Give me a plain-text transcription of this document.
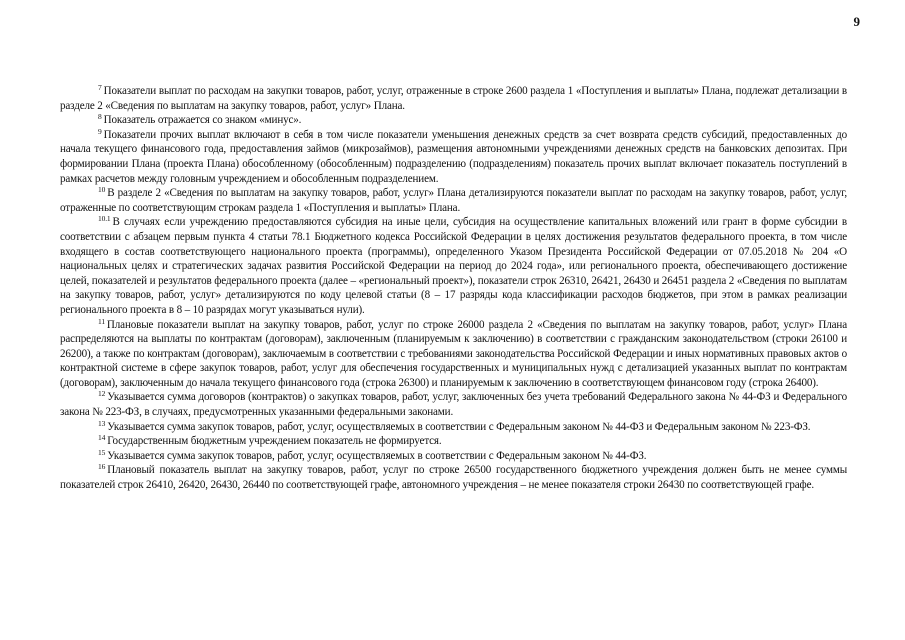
9

$^7$ Показатели выплат по расходам на закупки товаров, работ, услуг, отраженные в строке 2600 раздела 1 «Поступления и выплаты» Плана, подлежат детализации в разделе 2 «Сведения по выплатам на закупку товаров, работ, услуг» Плана.

$^8$ Показатель отражается со знаком «минус».

$^9$ Показатели прочих выплат включают в себя в том числе показатели уменьшения денежных средств за счет возврата средств субсидий, предоставленных до начала текущего финансового года, предоставления займов (микрозаймов), размещения автономными учреждениями денежных средств на банковских депозитах. При формировании Плана (проекта Плана) обособленному (обособленным) подразделению (подразделениям) показатель прочих выплат включает показатель поступлений в рамках расчетов между головным учреждением и обособленным подразделением.

$^{10}$ В разделе 2 «Сведения по выплатам на закупку товаров, работ, услуг» Плана детализируются показатели выплат по расходам на закупку товаров, работ, услуг, отраженные по соответствующим строкам раздела 1 «Поступления и выплаты» Плана.

$^{10.1}$ В случаях если учреждению предоставляются субсидия на иные цели, субсидия на осуществление капитальных вложений или грант в форме субсидии в соответствии с абзацем первым пункта 4 статьи 78.1 Бюджетного кодекса Российской Федерации в целях достижения результатов федерального проекта, в том числе входящего в состав соответствующего национального проекта (программы), определенного Указом Президента Российской Федерации от 07.05.2018 № 204 «О национальных целях и стратегических задачах развития Российской Федерации на период до 2024 года», или регионального проекта, обеспечивающего достижение целей, показателей и результатов федерального проекта (далее – «региональный проект»), показатели строк 26310, 26421, 26430 и 26451 раздела 2 «Сведения по выплатам на закупку товаров, работ, услуг» детализируются по коду целевой статьи (8 – 17 разряды кода классификации расходов бюджетов, при этом в рамках реализации регионального проекта в 8 – 10 разрядах могут указываться нули).

$^{11}$ Плановые показатели выплат на закупку товаров, работ, услуг по строке 26000 раздела 2 «Сведения по выплатам на закупку товаров, работ, услуг» Плана распределяются на выплаты по контрактам (договорам), заключенным (планируемым к заключению) в соответствии с гражданским законодательством (строки 26100 и 26200), а также по контрактам (договорам), заключаемым в соответствии с требованиями законодательства Российской Федерации и иных нормативных правовых актов о контрактной системе в сфере закупок товаров, работ, услуг для обеспечения государственных и муниципальных нужд с детализацией указанных выплат по контрактам (договорам), заключенным до начала текущего финансового года (строка 26300) и планируемым к заключению в соответствующем финансовом году (строка 26400).

$^{12}$ Указывается сумма договоров (контрактов) о закупках товаров, работ, услуг, заключенных без учета требований Федерального закона № 44-ФЗ и Федерального закона № 223-ФЗ, в случаях, предусмотренных указанными федеральными законами.

$^{13}$ Указывается сумма закупок товаров, работ, услуг, осуществляемых в соответствии с Федеральным законом № 44-ФЗ и Федеральным законом № 223-ФЗ.

$^{14}$ Государственным бюджетным учреждением показатель не формируется.

$^{15}$ Указывается сумма закупок товаров, работ, услуг, осуществляемых в соответствии с Федеральным законом № 44-ФЗ.

$^{16}$ Плановый показатель выплат на закупку товаров, работ, услуг по строке 26500 государственного бюджетного учреждения должен быть не менее суммы показателей строк 26410, 26420, 26430, 26440 по соответствующей графе, автономного учреждения – не менее показателя строки 26430 по соответствующей графе.
